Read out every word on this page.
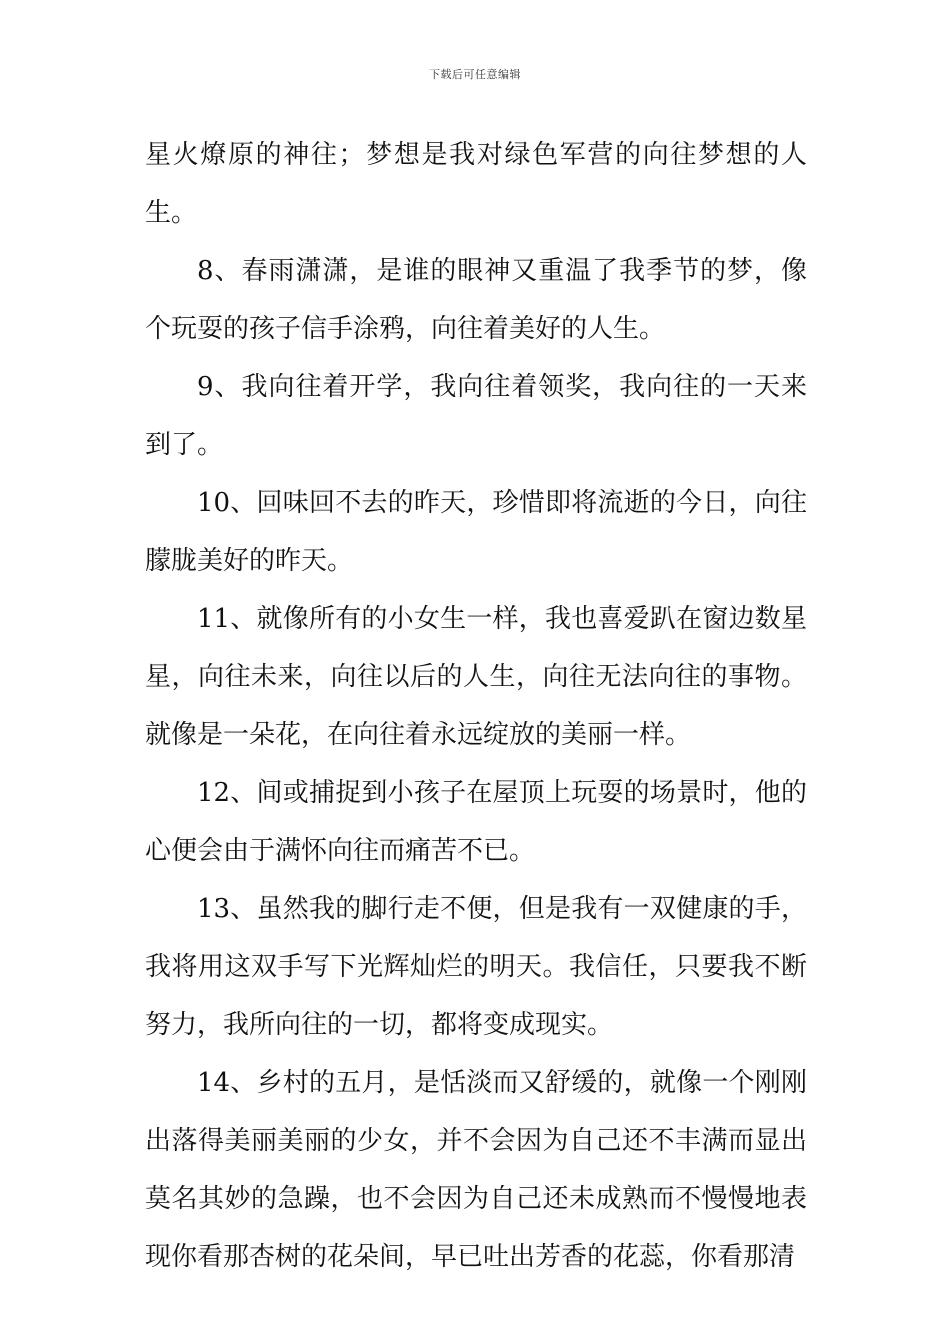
下载后可任意编辑

星火燎原的神往；梦想是我对绿色军营的向往梦想的人生。

8、春雨潇潇，是谁的眼神又重温了我季节的梦，像个玩耍的孩子信手涂鸦，向往着美好的人生。

9、我向往着开学，我向往着领奖，我向往的一天来到了。

10、回味回不去的昨天，珍惜即将流逝的今日，向往朦胧美好的昨天。

11、就像所有的小女生一样，我也喜爱趴在窗边数星星，向往未来，向往以后的人生，向往无法向往的事物。就像是一朵花，在向往着永远绽放的美丽一样。

12、间或捕捉到小孩子在屋顶上玩耍的场景时，他的心便会由于满怀向往而痛苦不已。

13、虽然我的脚行走不便，但是我有一双健康的手，我将用这双手写下光辉灿烂的明天。我信任，只要我不断努力，我所向往的一切，都将变成现实。

14、乡村的五月，是恬淡而又舒缓的，就像一个刚刚出落得美丽美丽的少女，并不会因为自己还不丰满而显出莫名其妙的急躁，也不会因为自己还未成熟而不慢慢地表现你看那杏树的花朵间，早已吐出芳香的花蕊，你看那清
